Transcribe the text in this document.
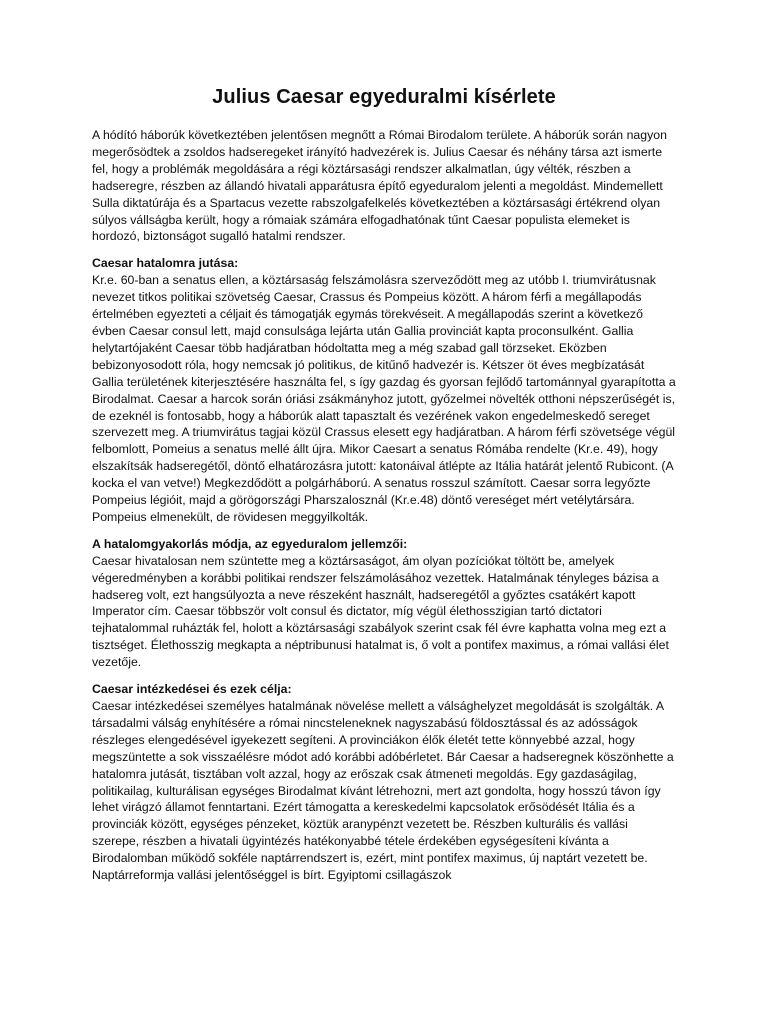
Julius Caesar egyeduralmi kísérlete

A hódító háborúk következtében jelentősen megnőtt a Római Birodalom területe. A háborúk során nagyon megerősödtek a zsoldos hadseregeket irányító hadvezérek is. Julius Caesar és néhány társa azt ismerte fel, hogy a problémák megoldására a régi köztársasági rendszer alkalmatlan, úgy vélték, részben a hadseregre, részben az állandó hivatali apparátusra építő egyeduralom jelenti a megoldást. Mindemellett Sulla diktatúrája és a Spartacus vezette rabszolgafelkelés következtében a köztársasági értékrend olyan súlyos vállságba került, hogy a rómaiak számára elfogadhatónak tűnt Caesar populista elemeket is hordozó, biztonságot sugalló hatalmi rendszer.

Caesar hatalomra jutása:

Kr.e. 60-ban a senatus ellen, a köztársaság felszámolásra szerveződött meg az utóbb I. triumvirátusnak nevezet titkos politikai szövetség Caesar, Crassus és Pompeius között. A három férfi a megállapodás értelmében egyezteti a céljait és támogatják egymás törekvéseit. A megállapodás szerint a következő évben Caesar consul lett, majd consulsága lejárta után Gallia provinciát kapta proconsulként. Gallia helytartójaként Caesar több hadjáratban hódoltatta meg a még szabad gall törzseket. Eközben bebizonyosodott róla, hogy nemcsak jó politikus, de kitűnő hadvezér is. Kétszer öt éves megbízatását Gallia területének kiterjesztésére használta fel, s így gazdag és gyorsan fejlődő tartománnyal gyarapította a Birodalmat. Caesar a harcok során óriási zsákmányhoz jutott, győzelmei növelték otthoni népszerűségét is, de ezeknél is fontosabb, hogy a háborúk alatt tapasztalt és vezérének vakon engedelmeskedő sereget szervezett meg. A triumvirátus tagjai közül Crassus elesett egy hadjáratban. A három férfi szövetsége végül felbomlott, Pomeius a senatus mellé állt újra. Mikor Caesart a senatus Rómába rendelte (Kr.e. 49), hogy elszakítsák hadseregétől, döntő elhatározásra jutott: katonáival átlépte az Itália határát jelentő Rubicont. (A kocka el van vetve!) Megkezdődött a polgárháború. A senatus rosszul számított. Caesar sorra legyőzte Pompeius légióit, majd a görögországi Pharszalosznál (Kr.e.48) döntő vereséget mért vetélytársára. Pompeius elmenekült, de rövidesen meggyilkolták.

A hatalomgyakorlás módja, az egyeduralom jellemzői:

Caesar hivatalosan nem szüntette meg a köztársaságot, ám olyan pozíciókat töltött be, amelyek végeredményben a korábbi politikai rendszer felszámolásához vezettek. Hatalmának tényleges bázisa a hadsereg volt, ezt hangsúlyozta a neve részeként használt, hadseregétől a győztes csatákért kapott Imperator cím. Caesar többször volt consul és dictator, míg végül élethosszigian tartó dictatori tejhatalommal ruházták fel, holott a köztársasági szabályok szerint csak fél évre kaphatta volna meg ezt a tisztséget. Élethosszig megkapta a néptribunusi hatalmat is, ő volt a pontifex maximus, a római vallási élet vezetője.

Caesar intézkedései és ezek célja:

Caesar intézkedései személyes hatalmának növelése mellett a válsághelyzet megoldását is szolgálták. A társadalmi válság enyhítésére a római nincsteleneknek nagyszabású földosztással és az adósságok részleges elengedésével igyekezett segíteni. A provinciákon élők életét tette könnyebbé azzal, hogy megszüntette a sok visszaélésre módot adó korábbi adóbérletet. Bár Caesar a hadseregnek köszönhette a hatalomra jutását, tisztában volt azzal, hogy az erőszak csak átmeneti megoldás. Egy gazdaságilag, politikailag, kulturálisan egységes Birodalmat kívánt létrehozni, mert azt gondolta, hogy hosszú távon így lehet virágzó államot fenntartani. Ezért támogatta a kereskedelmi kapcsolatok erősödését Itália és a provinciák között, egységes pénzeket, köztük aranypénzt vezetett be. Részben kulturális és vallási szerepe, részben a hivatali ügyintézés hatékonyabbé tétele érdekében egységesíteni kívánta a Birodalomban működő sokféle naptárrendszert is, ezért, mint pontifex maximus, új naptárt vezetett be. Naptárreformja vallási jelentőséggel is bírt. Egyiptomi csillagászok
